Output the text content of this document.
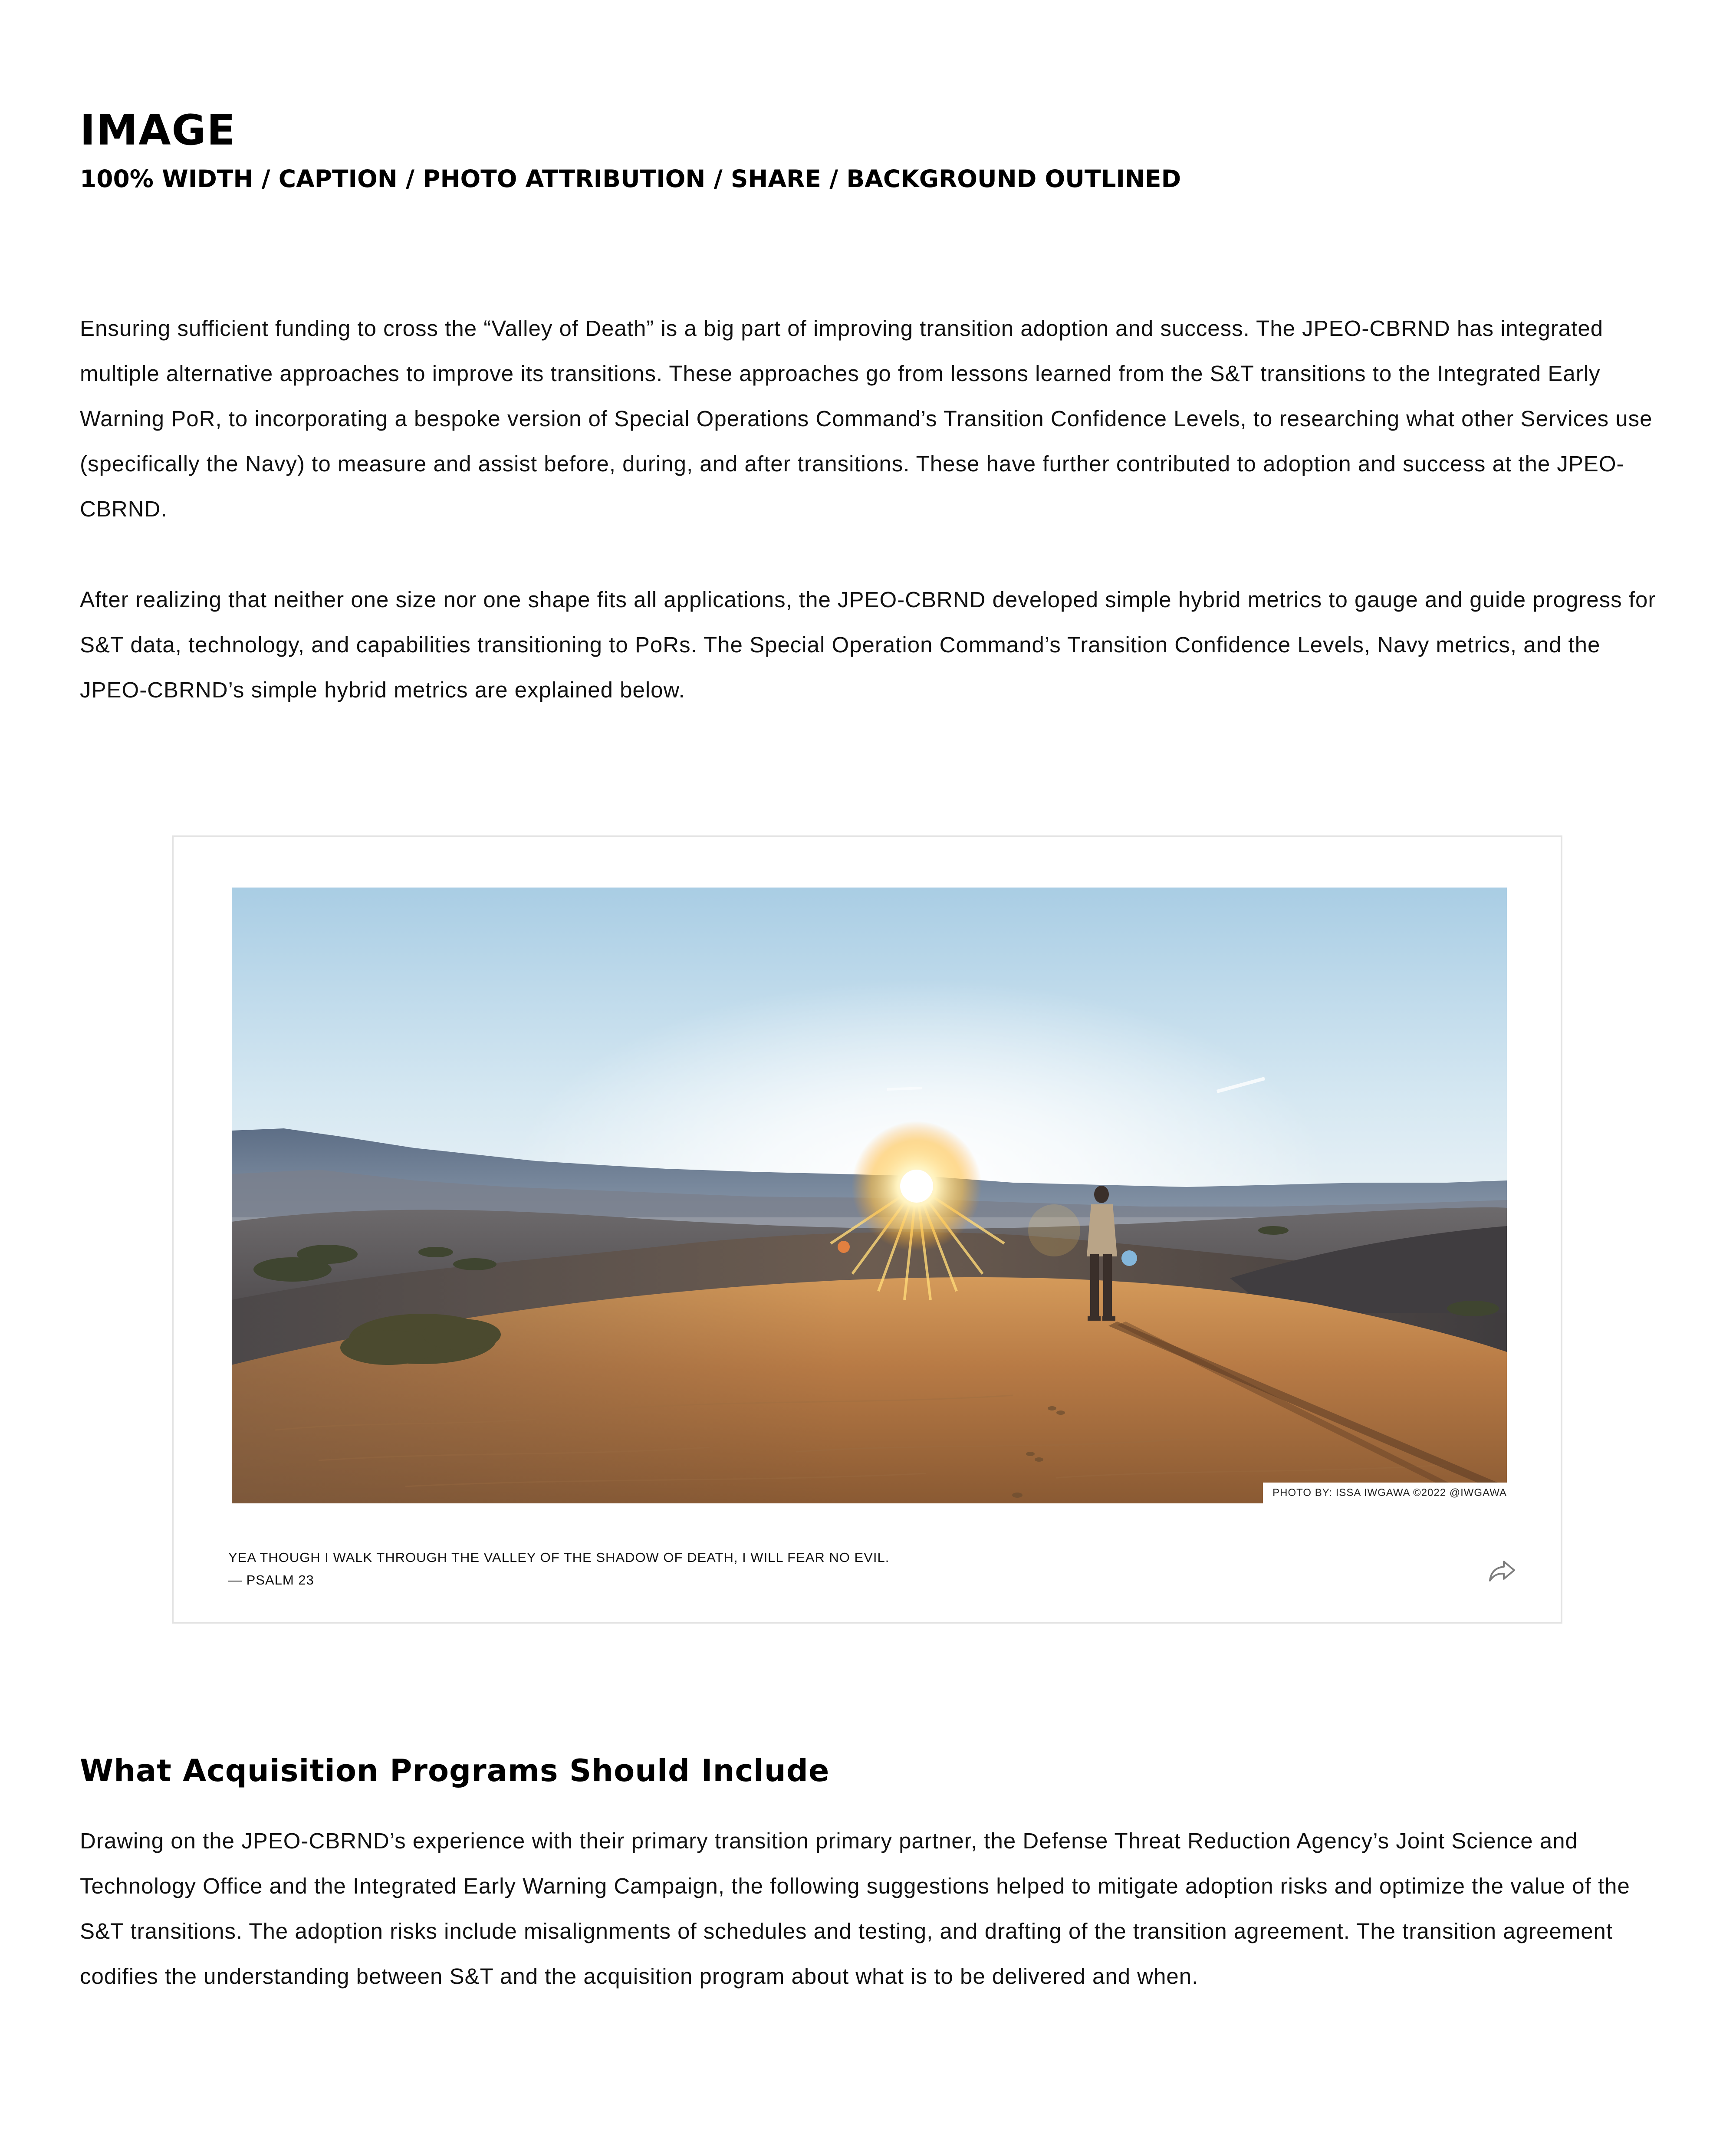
IMAGE
100% WIDTH / CAPTION / PHOTO ATTRIBUTION / SHARE / BACKGROUND OUTLINED

Ensuring sufficient funding to cross the “Valley of Death” is a big part of improving transition adoption and success. The JPEO-CBRND has integrated multiple alternative approaches to improve its transitions. These approaches go from lessons learned from the S&T transitions to the Integrated Early Warning PoR, to incorporating a bespoke version of Special Operations Command’s Transition Confidence Levels, to researching what other Services use (specifically the Navy) to measure and assist before, during, and after transitions. These have further contributed to adoption and success at the JPEO-CBRND.

After realizing that neither one size nor one shape fits all applications, the JPEO-CBRND developed simple hybrid metrics to gauge and guide progress for S&T data, technology, and capabilities transitioning to PoRs. The Special Operation Command’s Transition Confidence Levels, Navy metrics, and the JPEO-CBRND’s simple hybrid metrics are explained below.

PHOTO BY: ISSA IWGAWA ©2022 @IWGAWA

YEA THOUGH I WALK THROUGH THE VALLEY OF THE SHADOW OF DEATH, I WILL FEAR NO EVIL.
— PSALM 23

What Acquisition Programs Should Include

Drawing on the JPEO-CBRND’s experience with their primary transition primary partner, the Defense Threat Reduction Agency’s Joint Science and Technology Office and the Integrated Early Warning Campaign, the following suggestions helped to mitigate adoption risks and optimize the value of the S&T transitions. The adoption risks include misalignments of schedules and testing, and drafting of the transition agreement. The transition agreement codifies the understanding between S&T and the acquisition program about what is to be delivered and when.
